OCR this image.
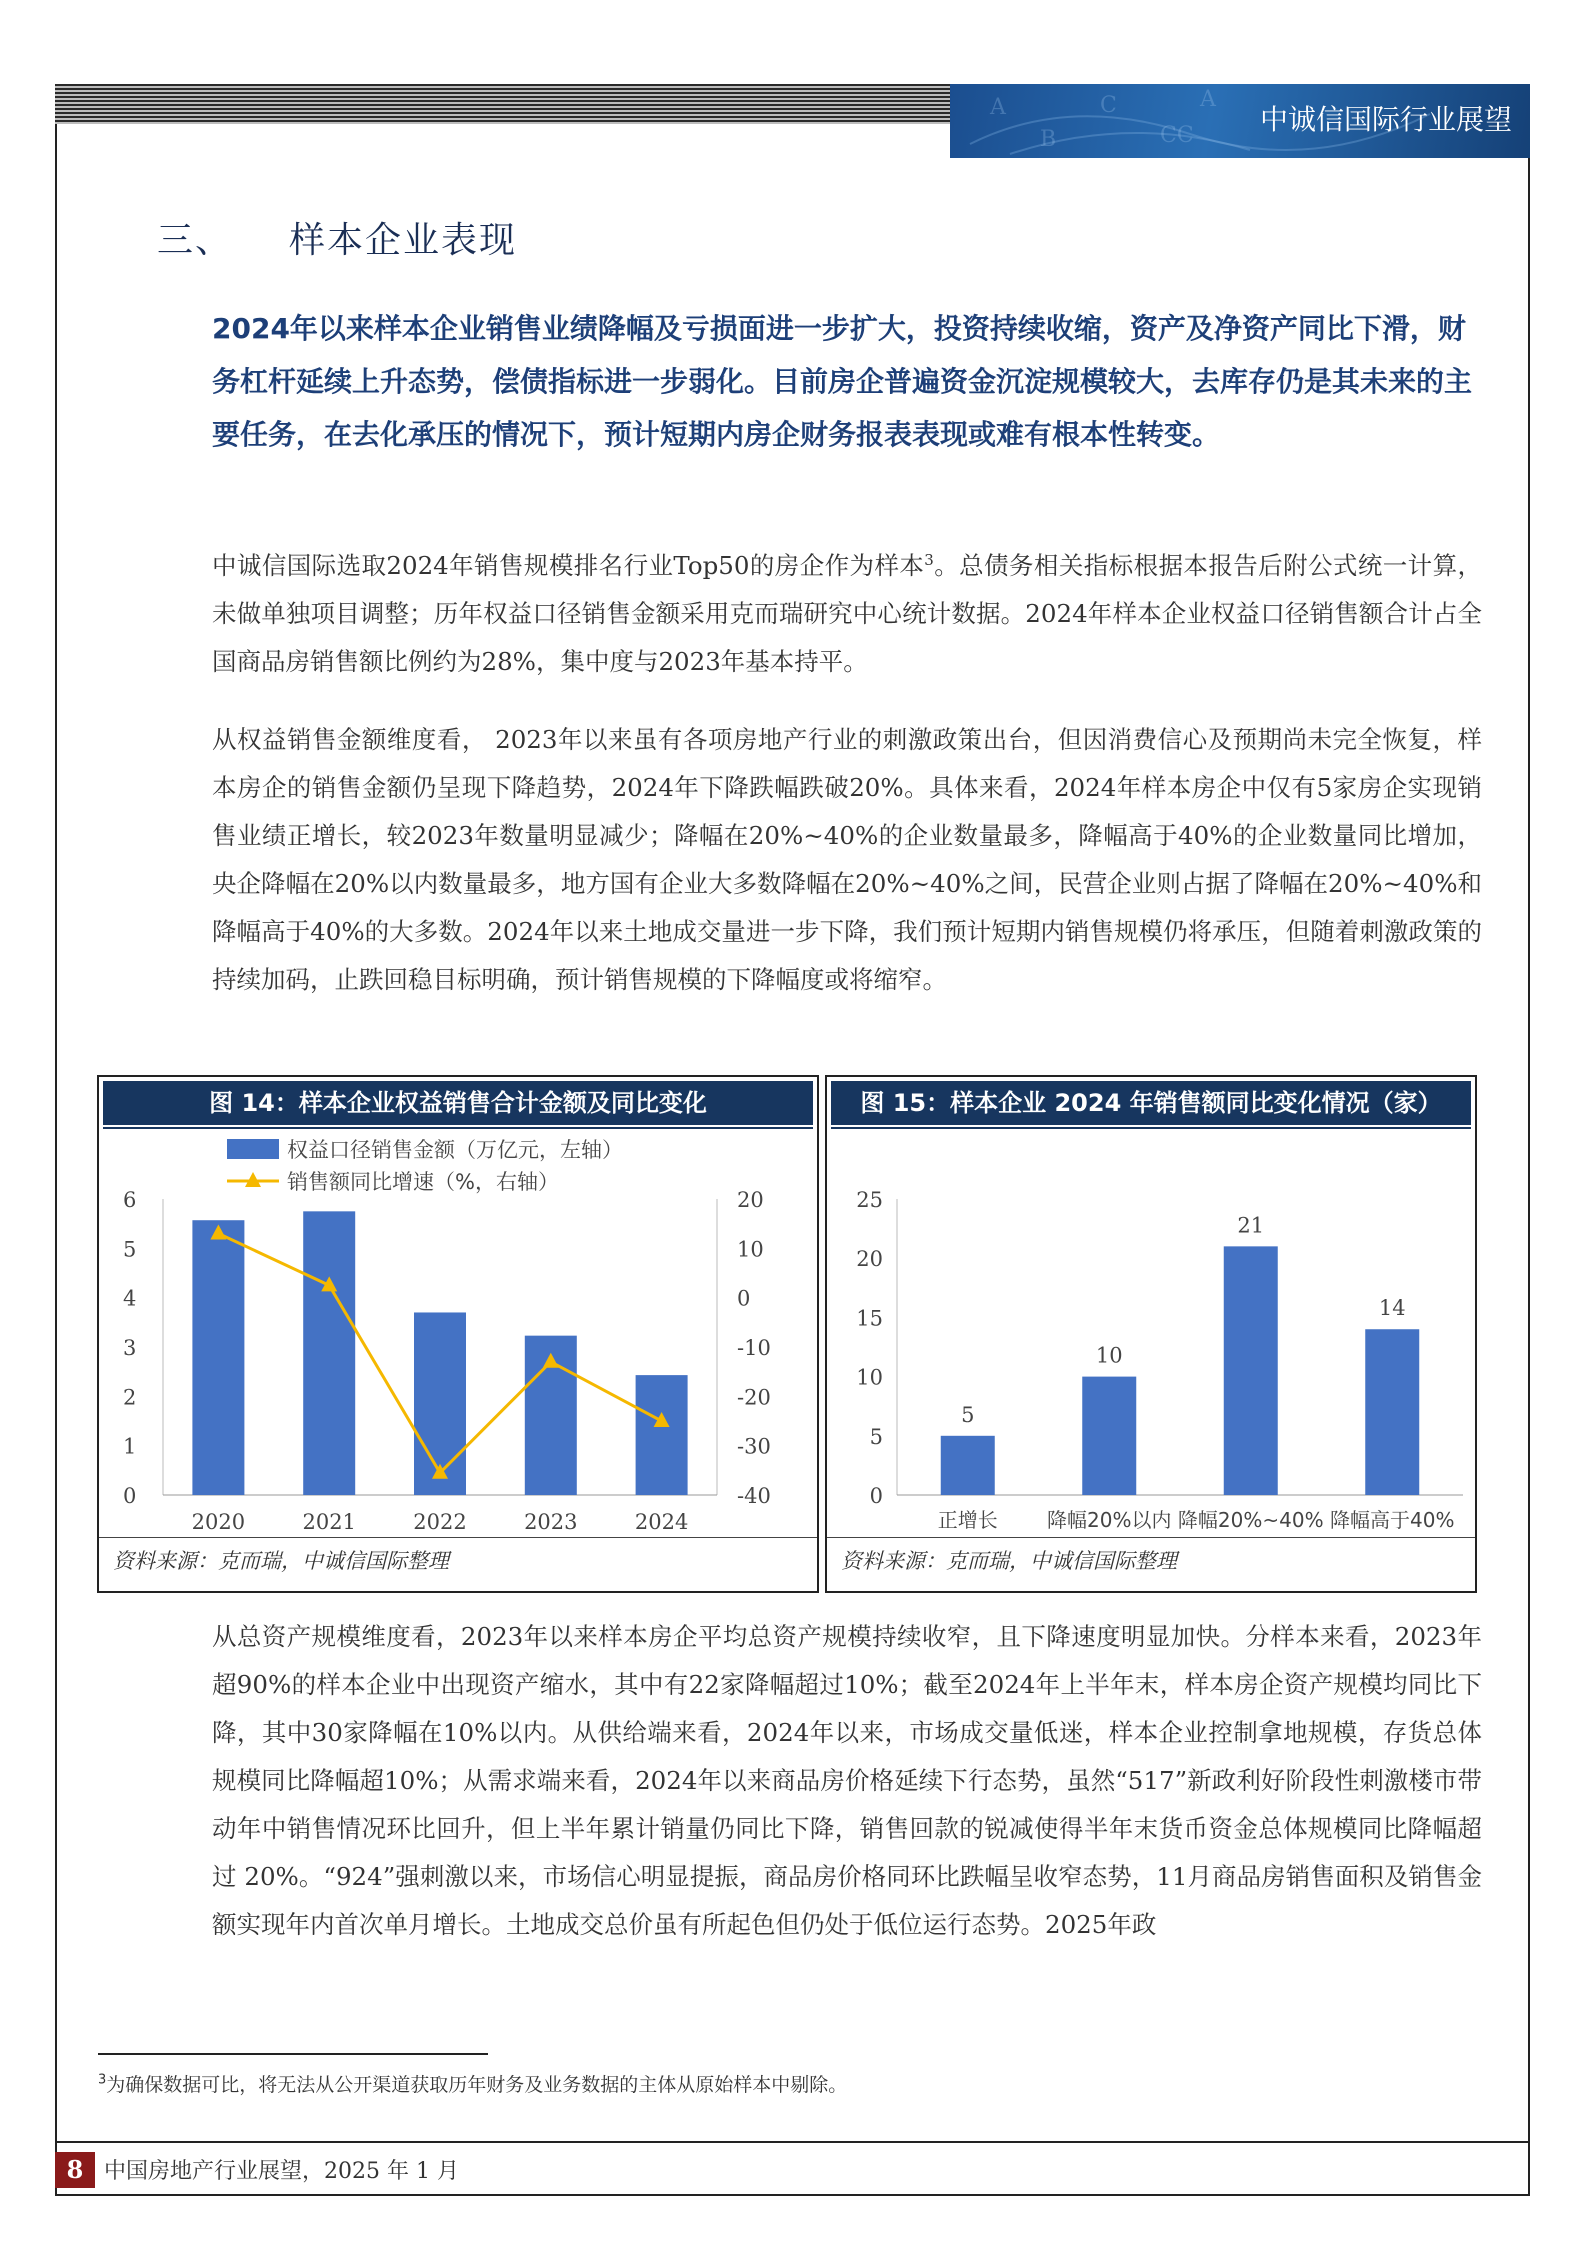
A
B
C
CC
A
中诚信国际行业展望
三、 样本企业表现
2024年以来样本企业销售业绩降幅及亏损面进一步扩大，投资持续收缩，资产及净资产同比下滑，财务杠杆延续上升态势，偿债指标进一步弱化。目前房企普遍资金沉淀规模较大，去库存仍是其未来的主要任务，在去化承压的情况下，预计短期内房企财务报表表现或难有根本性转变。
中诚信国际选取2024年销售规模排名行业Top50的房企作为样本$^3$。总债务相关指标根据本报告后附公式统一计算，未做单独项目调整；历年权益口径销售金额采用克而瑞研究中心统计数据。2024年样本企业权益口径销售额合计占全国商品房销售额比例约为28%，集中度与2023年基本持平。
从权益销售金额维度看， 2023年以来虽有各项房地产行业的刺激政策出台，但因消费信心及预期尚未完全恢复，样本房企的销售金额仍呈现下降趋势，2024年下降跌幅跌破20%。具体来看，2024年样本房企中仅有5家房企实现销售业绩正增长，较2023年数量明显减少；降幅在20%~40%的企业数量最多，降幅高于40%的企业数量同比增加，央企降幅在20%以内数量最多，地方国有企业大多数降幅在20%~40%之间，民营企业则占据了降幅在20%~40%和降幅高于40%的大多数。2024年以来土地成交量进一步下降，我们预计短期内销售规模仍将承压，但随着刺激政策的持续加码，止跌回稳目标明确，预计销售规模的下降幅度或将缩窄。
图 14：样本企业权益销售合计金额及同比变化
0
1
2
3
4
5
6
-40
-30
-20
-10
0
10
20
2020	2021	2022	2023	2024
权益口径销售金额（万亿元，左轴）
销售额同比增速（%，右轴）
资料来源：克而瑞，中诚信国际整理
图 15：样本企业 2024 年销售额同比变化情况（家）
0
5
10
15
20
25
5
正增长
10
降幅20%以内
21
降幅20%~40%
14
降幅高于40%
资料来源：克而瑞，中诚信国际整理
从总资产规模维度看，2023年以来样本房企平均总资产规模持续收窄，且下降速度明显加快。分样本来看，2023年超90%的样本企业中出现资产缩水，其中有22家降幅超过10%；截至2024年上半年末，样本房企资产规模均同比下降，其中30家降幅在10%以内。从供给端来看，2024年以来，市场成交量低迷，样本企业控制拿地规模，存货总体规模同比降幅超10%；从需求端来看，2024年以来商品房价格延续下行态势，虽然“517”新政利好阶段性刺激楼市带动年中销售情况环比回升，但上半年累计销量仍同比下降，销售回款的锐减使得半年末货币资金总体规模同比降幅超过 20%。“924”强刺激以来，市场信心明显提振，商品房价格同环比跌幅呈收窄态势，11月商品房销售面积及销售金额实现年内首次单月增长。土地成交总价虽有所起色但仍处于低位运行态势。2025年政
$^3$为确保数据可比，将无法从公开渠道获取历年财务及业务数据的主体从原始样本中剔除。
8 中国房地产行业展望，2025 年 1 月
